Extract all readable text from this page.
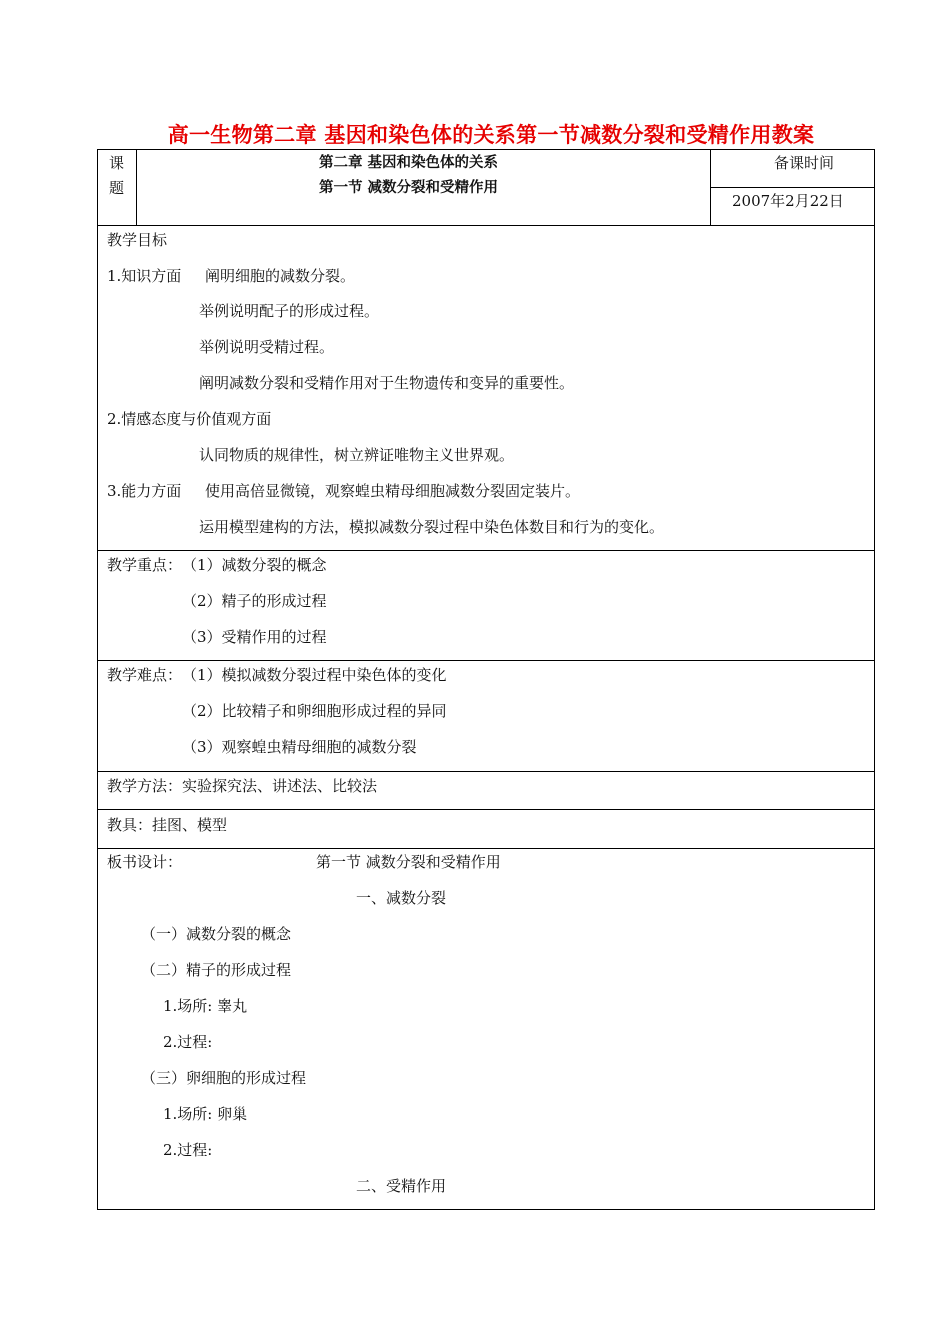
高一生物第二章 基因和染色体的关系第一节减数分裂和受精作用教案
课
题
第二章 基因和染色体的关系
第一节 减数分裂和受精作用
备课时间
2007年2月22日
教学目标
1.知识方面 阐明细胞的减数分裂。
举例说明配子的形成过程。
举例说明受精过程。
阐明减数分裂和受精作用对于生物遗传和变异的重要性。
2.情感态度与价值观方面
认同物质的规律性，树立辨证唯物主义世界观。
3.能力方面 使用高倍显微镜，观察蝗虫精母细胞减数分裂固定装片。
运用模型建构的方法，模拟减数分裂过程中染色体数目和行为的变化。
教学重点： （1）减数分裂的概念
（2）精子的形成过程
（3）受精作用的过程
教学难点： （1）模拟减数分裂过程中染色体的变化
（2）比较精子和卵细胞形成过程的异同
（3）观察蝗虫精母细胞的减数分裂
教学方法：实验探究法、讲述法、比较法
教具：挂图、模型
板书设计：	第一节 减数分裂和受精作用
一、减数分裂
（一）减数分裂的概念
（二）精子的形成过程
1.场所: 睾丸
2.过程:
（三）卵细胞的形成过程
1.场所: 卵巢
2.过程:
二、受精作用
